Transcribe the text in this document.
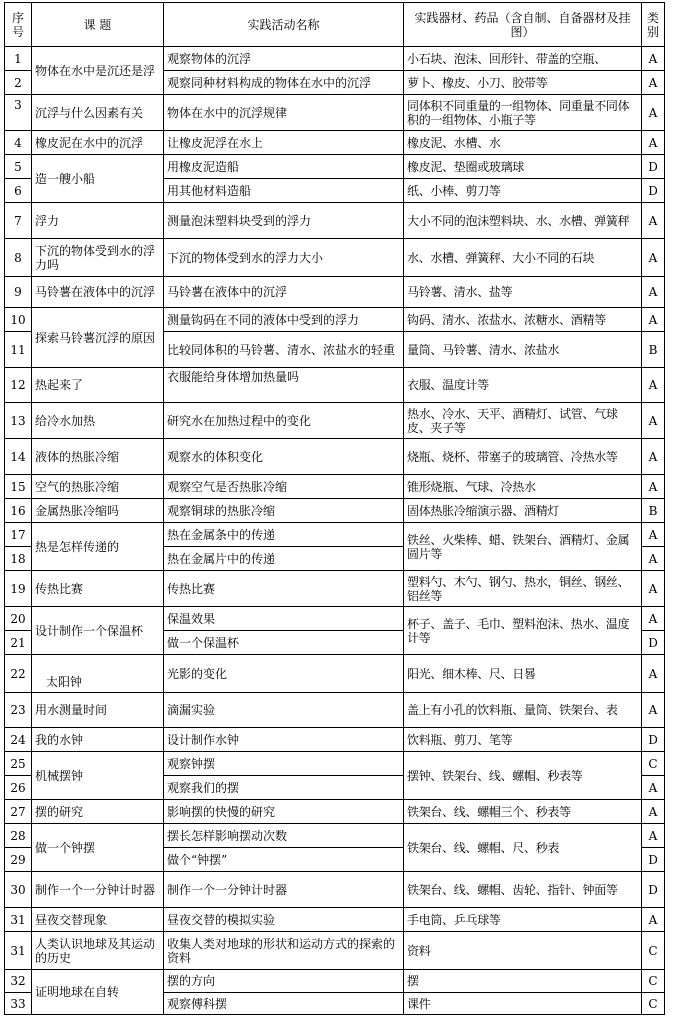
序号	课 题	实践活动名称	实践器材、药品（含自制、自备器材及挂图）	类别
1	物体在水中是沉还是浮	观察物体的沉浮	小石块、泡沫、回形针、带盖的空瓶、	A
2		观察同种材料构成的物体在水中的沉浮	萝卜、橡皮、小刀、胶带等	A
3	沉浮与什么因素有关	物体在水中的沉浮规律	同体积不同重量的一组物体、同重量不同体积的一组物体、小瓶子等	A
4	橡皮泥在水中的沉浮	让橡皮泥浮在水上	橡皮泥、水槽、水	A
5	造一艘小船	用橡皮泥造船	橡皮泥、垫圈或玻璃球	D
6		用其他材料造船	纸、小棒、剪刀等	D
7	浮力	测量泡沫塑料块受到的浮力	大小不同的泡沫塑料块、水、水槽、弹簧秤	A
8	下沉的物体受到水的浮力吗	下沉的物体受到水的浮力大小	水、水槽、弹簧秤、大小不同的石块	A
9	马铃薯在液体中的沉浮	马铃薯在液体中的沉浮	马铃薯、清水、盐等	A
10	探索马铃薯沉浮的原因	测量钩码在不同的液体中受到的浮力	钩码、清水、浓盐水、浓糖水、酒精等	A
11		比较同体积的马铃薯、清水、浓盐水的轻重	量筒、马铃薯、清水、浓盐水	B
12	热起来了	衣服能给身体增加热量吗	衣服、温度计等	A
13	给冷水加热	研究水在加热过程中的变化	热水、冷水、天平、酒精灯、试管、气球皮、夹子等	A
14	液体的热胀冷缩	观察水的体积变化	烧瓶、烧杯、带塞子的玻璃管、冷热水等	A
15	空气的热胀冷缩	观察空气是否热胀冷缩	锥形烧瓶、气球、冷热水	A
16	金属热胀冷缩吗	观察铜球的热胀冷缩	固体热胀冷缩演示器、酒精灯	B
17	热是怎样传递的	热在金属条中的传递	铁丝、火柴棒、蜡、铁架台、酒精灯、金属圆片等	A
18		热在金属片中的传递		A
19	传热比赛	传热比赛	塑料勺、木勺、钢勺、热水，铜丝、钢丝、铝丝等	A
20	设计制作一个保温杯	保温效果	杯子、盖子、毛巾、塑料泡沫、热水、温度计等	A
21		做一个保温杯		D
22	太阳钟	光影的变化	阳光、细木棒、尺、日晷	A
23	用水测量时间	滴漏实验	盖上有小孔的饮料瓶、量筒、铁架台、表	A
24	我的水钟	设计制作水钟	饮料瓶、剪刀、笔等	D
25	机械摆钟	观察钟摆	摆钟、铁架台、线、螺帽、秒表等	C
26		观察我们的摆		A
27	摆的研究	影响摆的快慢的研究	铁架台、线、螺帽三个、秒表等	A
28	做一个钟摆	摆长怎样影响摆动次数	铁架台、线、螺帽、尺、秒表	A
29		做个“钟摆”		D
30	制作一个一分钟计时器	制作一个一分钟计时器	铁架台、线、螺帽、齿轮、指针、钟面等	D
31	昼夜交替现象	昼夜交替的模拟实验	手电筒、乒乓球等	A
31	人类认识地球及其运动的历史	收集人类对地球的形状和运动方式的探索的资料	资料	C
32	证明地球在自转	摆的方向	摆	C
33		观察傅科摆	课件	C
